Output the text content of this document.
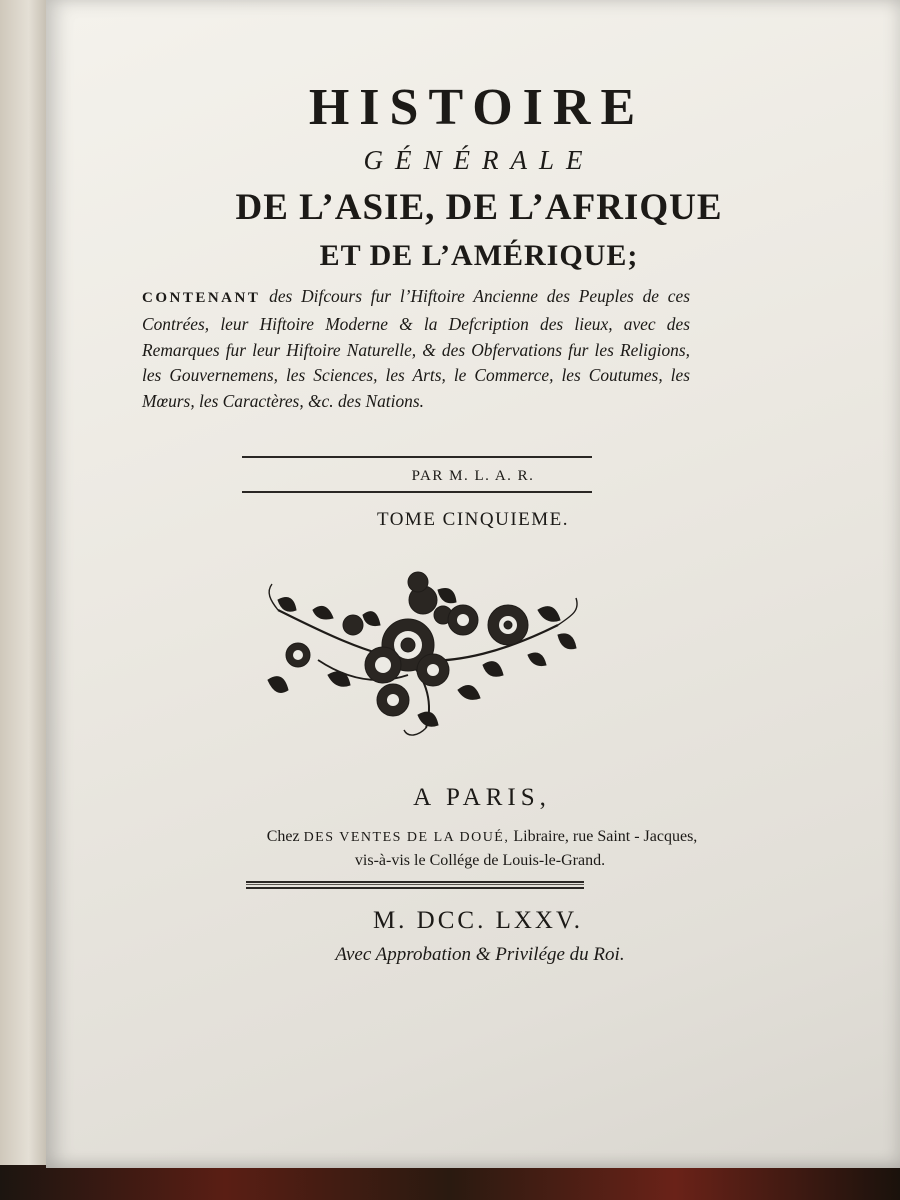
HISTOIRE
GÉNÉRALE
DE L’ASIE, DE L’AFRIQUE
ET DE L’AMÉRIQUE;
CONTENANT des Difcours fur l’Hiftoire Ancienne des Peuples de ces Contrées, leur Hiftoire Moderne & la Defcription des lieux, avec des Remarques fur leur Hiftoire Naturelle, & des Obfervations fur les Religions, les Gouvernemens, les Sciences, les Arts, le Commerce, les Coutumes, les Mœurs, les Caractères, &c. des Nations.
PAR M. L. A. R.
TOME CINQUIEME.
A PARIS,
Chez DES VENTES DE LA DOUÉ, Libraire, rue Saint - Jacques,
vis-à-vis le Collége de Louis-le-Grand.
M. DCC. LXXV.
Avec Approbation & Privilége du Roi.
